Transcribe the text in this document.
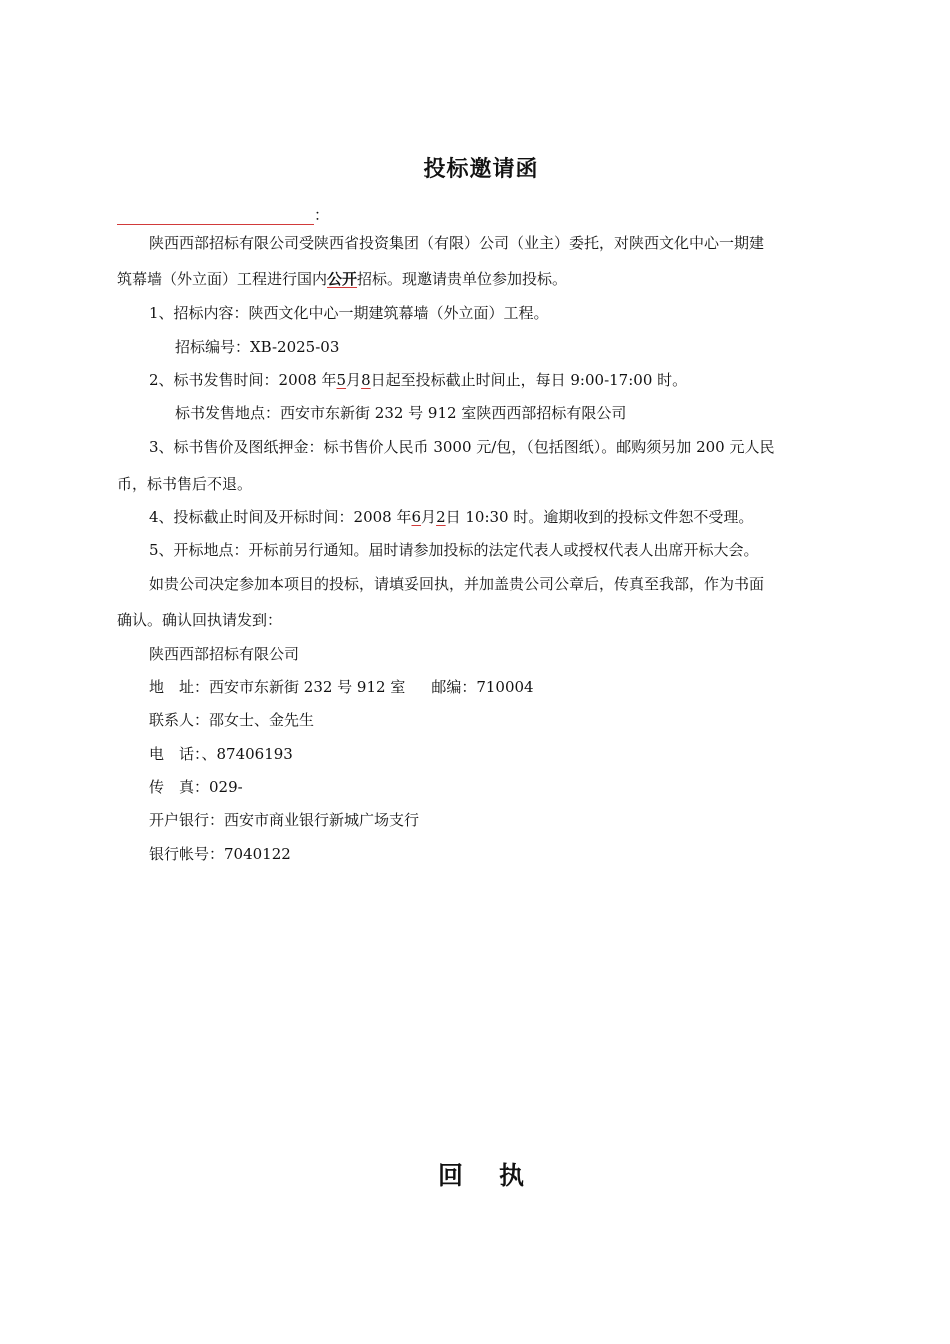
投标邀请函
：
陕西西部招标有限公司受陕西省投资集团（有限）公司（业主）委托，对陕西文化中心一期建
筑幕墙（外立面）工程进行国内公开招标。现邀请贵单位参加投标。
1、招标内容：陕西文化中心一期建筑幕墙（外立面）工程。
招标编号：XB-2025-03
2、标书发售时间：2008 年5月8日起至投标截止时间止，每日 9:00-17:00 时。
标书发售地点：西安市东新街 232 号 912 室陕西西部招标有限公司
3、标书售价及图纸押金：标书售价人民币 3000 元/包，（包括图纸）。邮购须另加 200 元人民
币，标书售后不退。
4、投标截止时间及开标时间：2008 年6月2日 10:30 时。逾期收到的投标文件恕不受理。
5、开标地点：开标前另行通知。届时请参加投标的法定代表人或授权代表人出席开标大会。
如贵公司决定参加本项目的投标，请填妥回执，并加盖贵公司公章后，传真至我部，作为书面
确认。确认回执请发到：
陕西西部招标有限公司
地　址：西安市东新街 232 号 912 室 邮编：710004
联系人：邵女士、金先生
电　话：、87406193
传　真：029-
开户银行：西安市商业银行新城广场支行
银行帐号：7040122
回 执
